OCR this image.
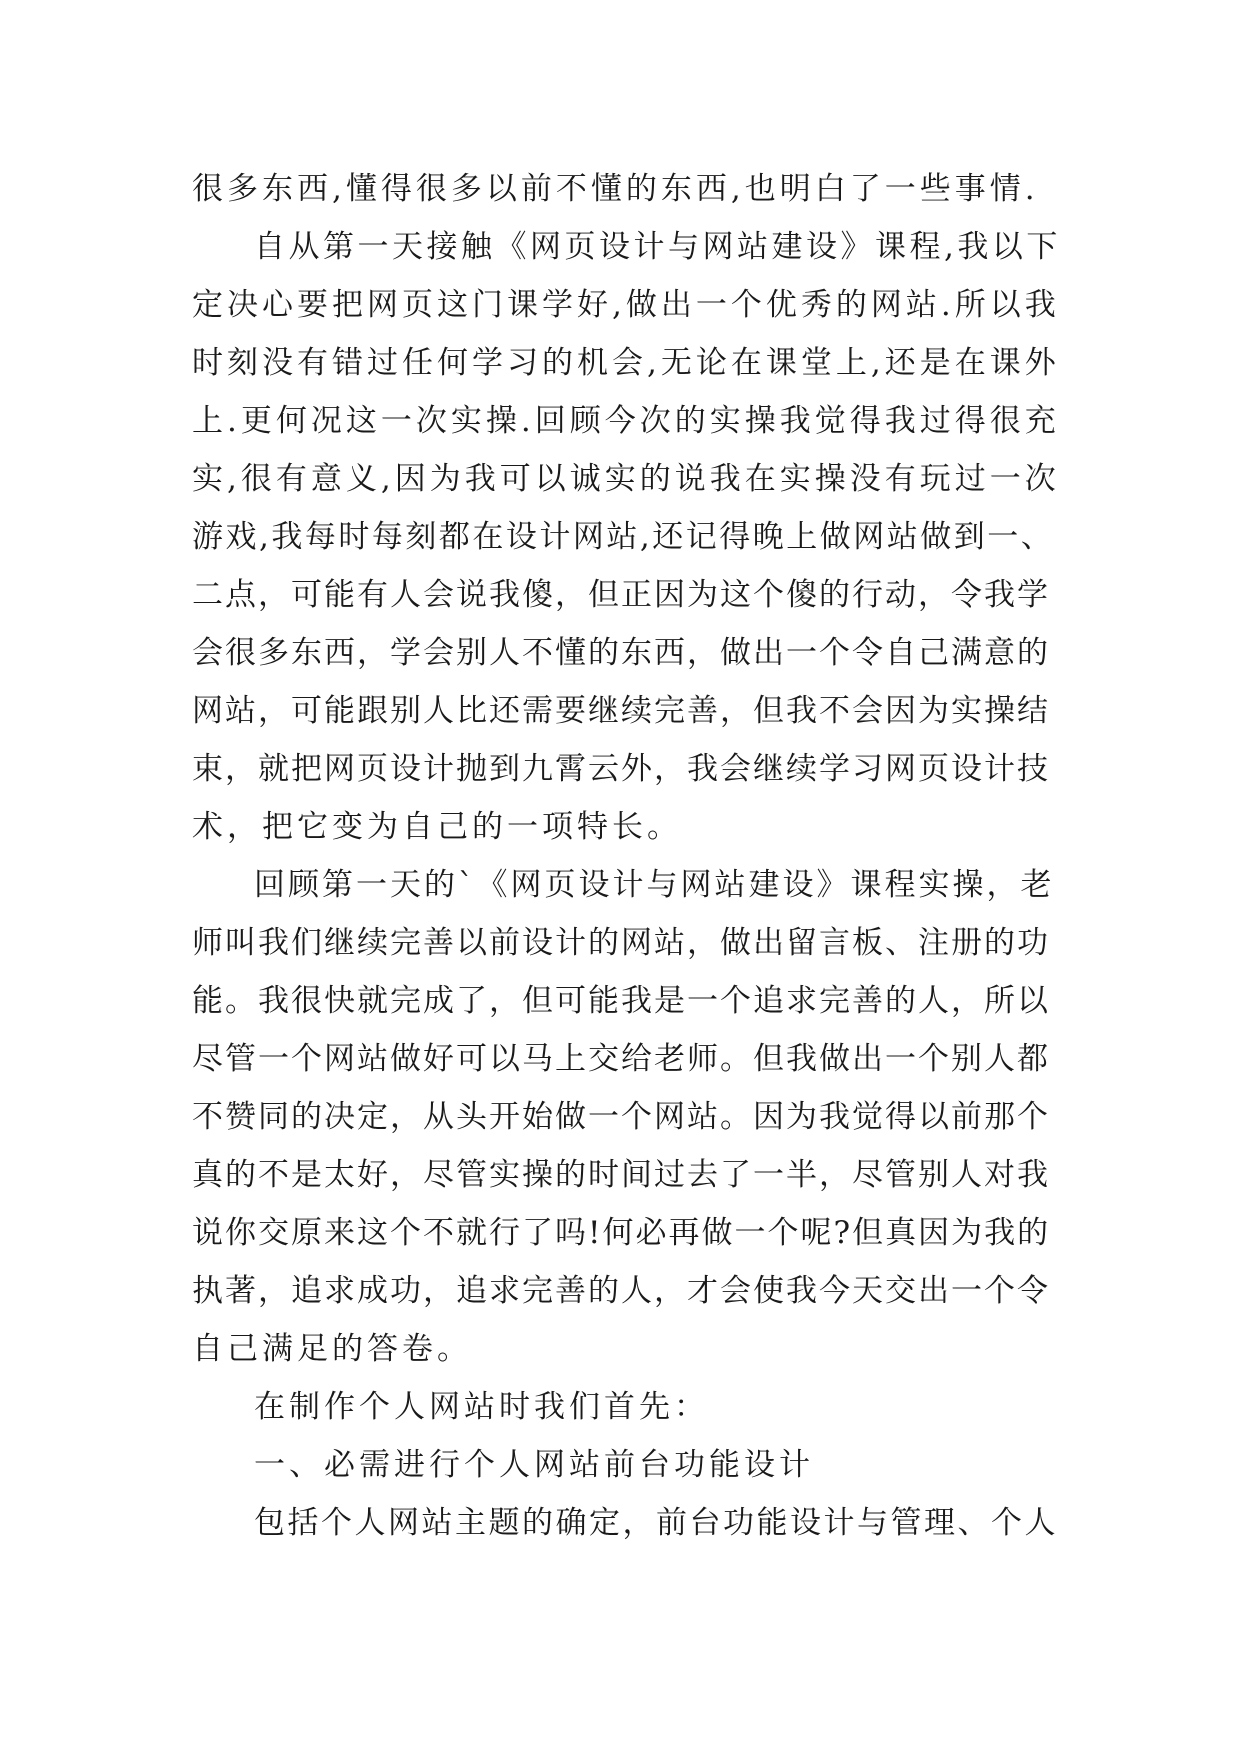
很多东西,懂得很多以前不懂的东西,也明白了一些事情.
自从第一天接触《网页设计与网站建设》课程,我以下
定决心要把网页这门课学好,做出一个优秀的网站.所以我
时刻没有错过任何学习的机会,无论在课堂上,还是在课外
上.更何况这一次实操.回顾今次的实操我觉得我过得很充
实,很有意义,因为我可以诚实的说我在实操没有玩过一次
游戏,我每时每刻都在设计网站,还记得晚上做网站做到一、
二点，可能有人会说我傻，但正因为这个傻的行动，令我学
会很多东西，学会别人不懂的东西，做出一个令自己满意的
网站，可能跟别人比还需要继续完善，但我不会因为实操结
束，就把网页设计抛到九霄云外，我会继续学习网页设计技
术，把它变为自己的一项特长。
回顾第一天的`《网页设计与网站建设》课程实操，老
师叫我们继续完善以前设计的网站，做出留言板、注册的功
能。我很快就完成了，但可能我是一个追求完善的人，所以
尽管一个网站做好可以马上交给老师。但我做出一个别人都
不赞同的决定，从头开始做一个网站。因为我觉得以前那个
真的不是太好，尽管实操的时间过去了一半，尽管别人对我
说你交原来这个不就行了吗!何必再做一个呢?但真因为我的
执著，追求成功，追求完善的人，才会使我今天交出一个令
自己满足的答卷。
在制作个人网站时我们首先：
一、必需进行个人网站前台功能设计
包括个人网站主题的确定，前台功能设计与管理、个人
